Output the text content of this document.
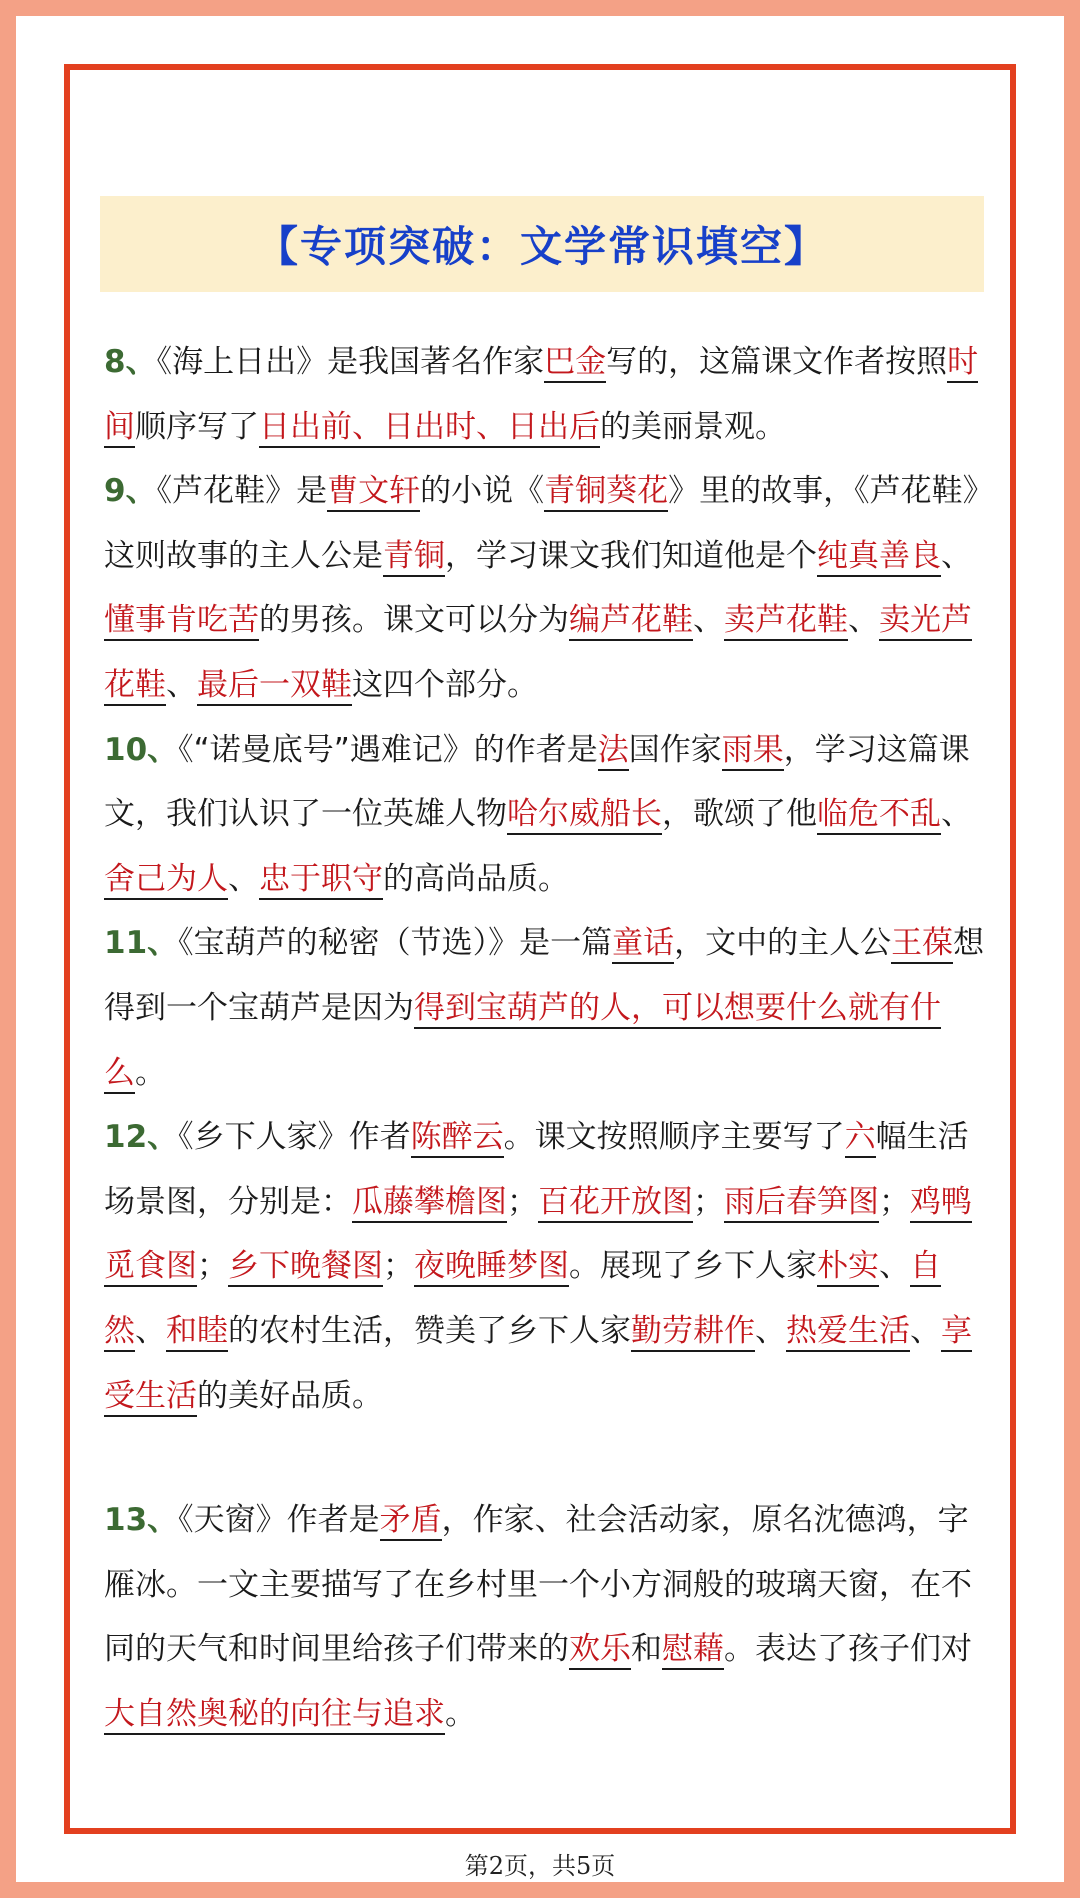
【专项突破：文学常识填空】

8、《海上日出》是我国著名作家巴金写的，这篇课文作者按照时间顺序写了日出前、日出时、日出后的美丽景观。

9、《芦花鞋》是曹文轩的小说《青铜葵花》里的故事，《芦花鞋》这则故事的主人公是青铜，学习课文我们知道他是个纯真善良、懂事肯吃苦的男孩。课文可以分为编芦花鞋、卖芦花鞋、卖光芦花鞋、最后一双鞋这四个部分。

10、《“诺曼底号”遇难记》的作者是法国作家雨果，学习这篇课文，我们认识了一位英雄人物哈尔威船长，歌颂了他临危不乱、舍己为人、忠于职守的高尚品质。

11、《宝葫芦的秘密（节选）》是一篇童话，文中的主人公王葆想得到一个宝葫芦是因为得到宝葫芦的人，可以想要什么就有什么。

12、《乡下人家》作者陈醉云。课文按照顺序主要写了六幅生活场景图，分别是：瓜藤攀檐图；百花开放图；雨后春笋图；鸡鸭觅食图；乡下晚餐图；夜晚睡梦图。展现了乡下人家朴实、自然、和睦的农村生活，赞美了乡下人家勤劳耕作、热爱生活、享受生活的美好品质。

13、《天窗》作者是矛盾，作家、社会活动家，原名沈德鸿，字雁冰。一文主要描写了在乡村里一个小方洞般的玻璃天窗，在不同的天气和时间里给孩子们带来的欢乐和慰藉。表达了孩子们对大自然奥秘的向往与追求。

第2页，共5页
